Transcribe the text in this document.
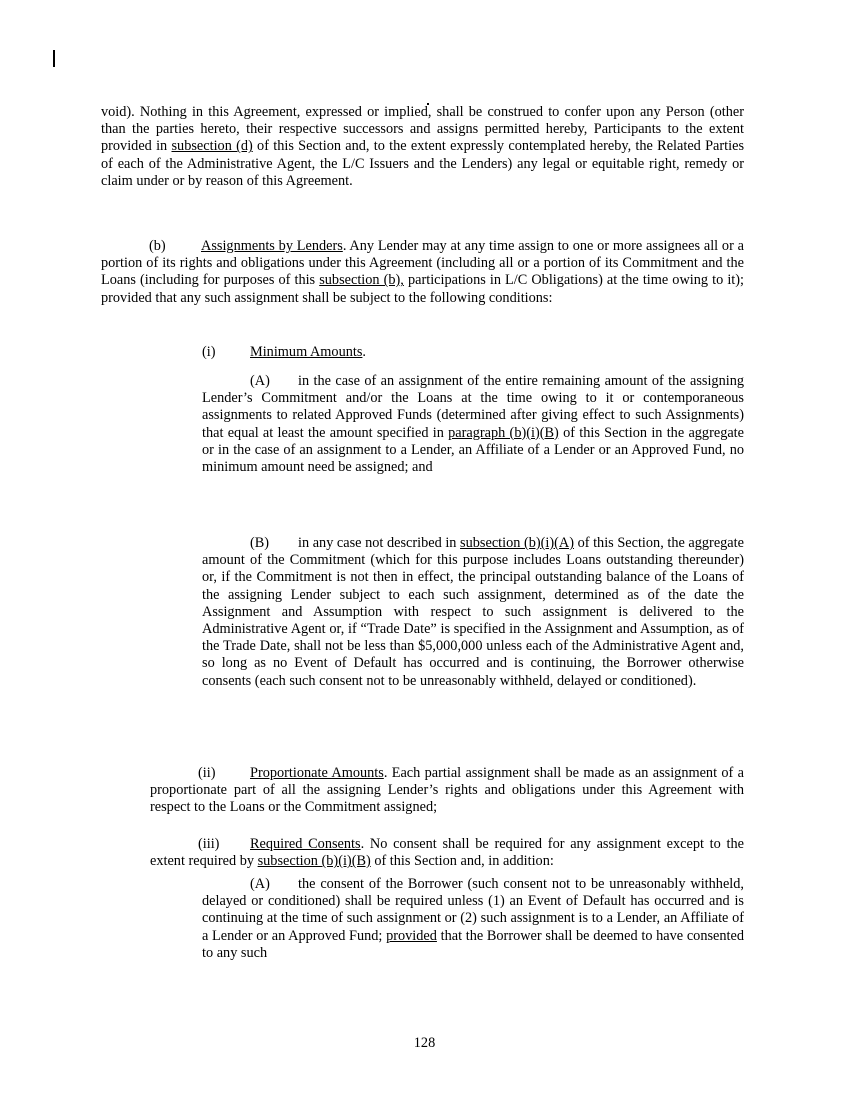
void). Nothing in this Agreement, expressed or implied, shall be construed to confer upon any Person (other than the parties hereto, their respective successors and assigns permitted hereby, Participants to the extent provided in subsection (d) of this Section and, to the extent expressly contemplated hereby, the Related Parties of each of the Administrative Agent, the L/C Issuers and the Lenders) any legal or equitable right, remedy or claim under or by reason of this Agreement.

(b) Assignments by Lenders. Any Lender may at any time assign to one or more assignees all or a portion of its rights and obligations under this Agreement (including all or a portion of its Commitment and the Loans (including for purposes of this subsection (b), participations in L/C Obligations) at the time owing to it); provided that any such assignment shall be subject to the following conditions:

(i) Minimum Amounts.

(A) in the case of an assignment of the entire remaining amount of the assigning Lender’s Commitment and/or the Loans at the time owing to it or contemporaneous assignments to related Approved Funds (determined after giving effect to such Assignments) that equal at least the amount specified in paragraph (b)(i)(B) of this Section in the aggregate or in the case of an assignment to a Lender, an Affiliate of a Lender or an Approved Fund, no minimum amount need be assigned; and

(B) in any case not described in subsection (b)(i)(A) of this Section, the aggregate amount of the Commitment (which for this purpose includes Loans outstanding thereunder) or, if the Commitment is not then in effect, the principal outstanding balance of the Loans of the assigning Lender subject to each such assignment, determined as of the date the Assignment and Assumption with respect to such assignment is delivered to the Administrative Agent or, if “Trade Date” is specified in the Assignment and Assumption, as of the Trade Date, shall not be less than $5,000,000 unless each of the Administrative Agent and, so long as no Event of Default has occurred and is continuing, the Borrower otherwise consents (each such consent not to be unreasonably withheld, delayed or conditioned).

(ii) Proportionate Amounts. Each partial assignment shall be made as an assignment of a proportionate part of all the assigning Lender’s rights and obligations under this Agreement with respect to the Loans or the Commitment assigned;

(iii) Required Consents. No consent shall be required for any assignment except to the extent required by subsection (b)(i)(B) of this Section and, in addition:

(A) the consent of the Borrower (such consent not to be unreasonably withheld, delayed or conditioned) shall be required unless (1) an Event of Default has occurred and is continuing at the time of such assignment or (2) such assignment is to a Lender, an Affiliate of a Lender or an Approved Fund; provided that the Borrower shall be deemed to have consented to any such

128
